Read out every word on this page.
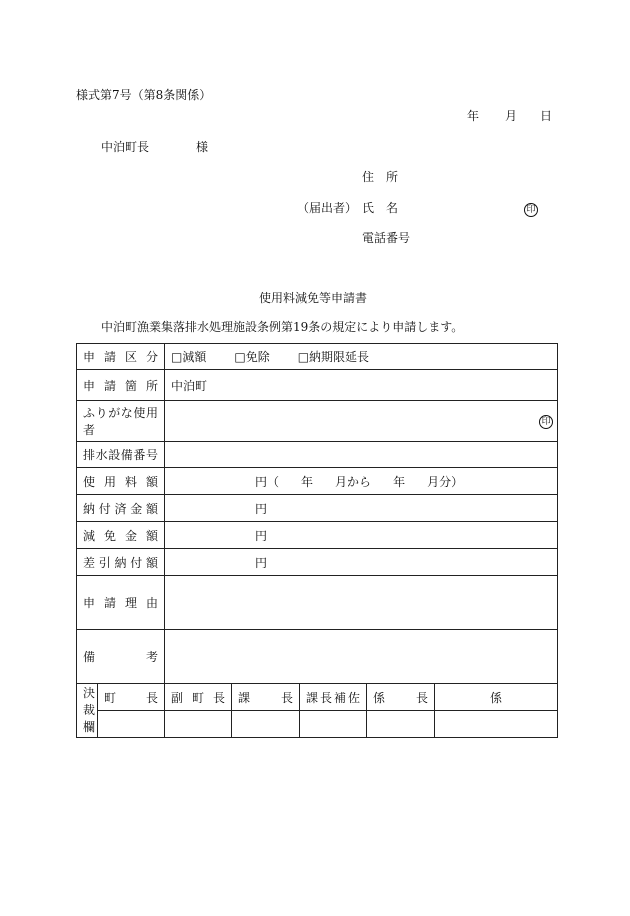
様式第7号（第8条関係）
年 月 日
中泊町長	様
住　所
（届出者） 氏　名	印
電話番号
使用料減免等申請書
中泊町漁業集落排水処理施設条例第19条の規定により申請します。
申請区分		□減額 □免除 □納期限延長				
申請箇所		中泊町				
ふりがな使用者		印				
排水設備番号						
使用料額		円（ 年 月から 年 月分）				
納付済金額		円				
減免金額		円				
差引納付額		円				
申請理由						
備考						
決
裁
欄	町長	副町長	課長	課長補佐	係長	係
